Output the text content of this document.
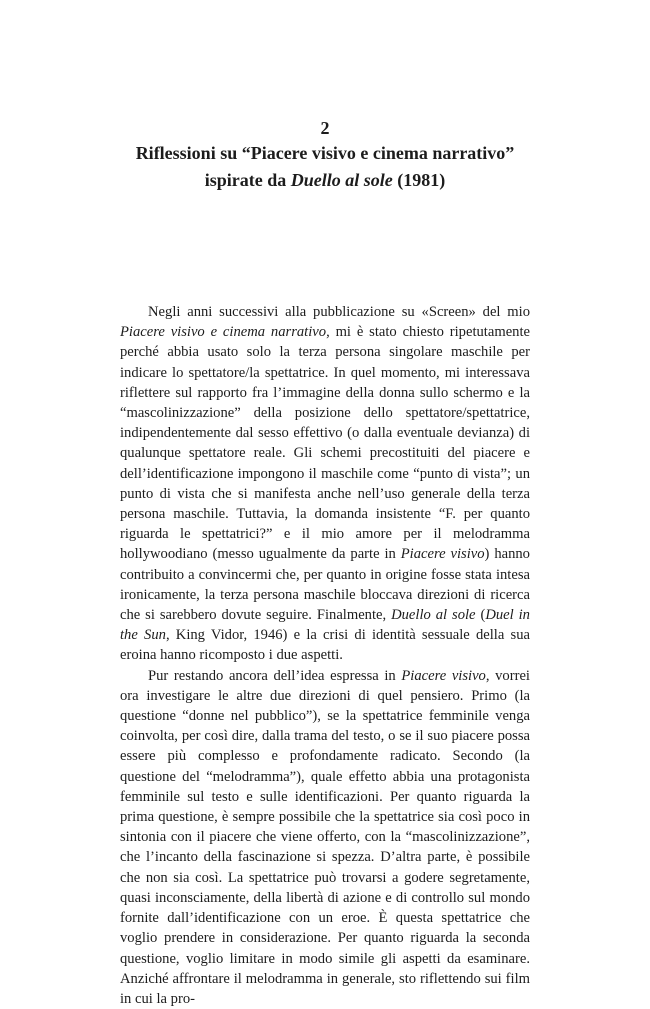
2
Riflessioni su “Piacere visivo e cinema narrativo”
ispirate da Duello al sole (1981)

Negli anni successivi alla pubblicazione su «Screen» del mio Piacere visivo e cinema narrativo, mi è stato chiesto ripetutamente perché abbia usato solo la terza persona singolare maschile per indicare lo spettatore/la spettatrice. In quel momento, mi interessava riflettere sul rapporto fra l’immagine della donna sullo schermo e la “mascolinizzazione” della posizione dello spettatore/spettatrice, indipendentemente dal sesso effettivo (o dalla eventuale devianza) di qualunque spettatore reale. Gli schemi precostituiti del piacere e dell’identificazione impongono il maschile come “punto di vista”; un punto di vista che si manifesta anche nell’uso generale della terza persona maschile. Tuttavia, la domanda insistente “F. per quanto riguarda le spettatrici?” e il mio amore per il melodramma hollywoodiano (messo ugualmente da parte in Piacere visivo) hanno contribuito a convincermi che, per quanto in origine fosse stata intesa ironicamente, la terza persona maschile bloccava direzioni di ricerca che si sarebbero dovute seguire. Finalmente, Duello al sole (Duel in the Sun, King Vidor, 1946) e la crisi di identità sessuale della sua eroina hanno ricomposto i due aspetti.

Pur restando ancora dell’idea espressa in Piacere visivo, vorrei ora investigare le altre due direzioni di quel pensiero. Primo (la questione “donne nel pubblico”), se la spettatrice femminile venga coinvolta, per così dire, dalla trama del testo, o se il suo piacere possa essere più complesso e profondamente radicato. Secondo (la questione del “melodramma”), quale effetto abbia una protagonista femminile sul testo e sulle identificazioni. Per quanto riguarda la prima questione, è sempre possibile che la spettatrice sia così poco in sintonia con il piacere che viene offerto, con la “mascolinizzazione”, che l’incanto della fascinazione si spezza. D’altra parte, è possibile che non sia così. La spettatrice può trovarsi a godere segretamente, quasi inconsciamente, della libertà di azione e di controllo sul mondo fornite dall’identificazione con un eroe. È questa spettatrice che voglio prendere in considerazione. Per quanto riguarda la seconda questione, voglio limitare in modo simile gli aspetti da esaminare. Anziché affrontare il melodramma in generale, sto riflettendo sui film in cui la pro-
